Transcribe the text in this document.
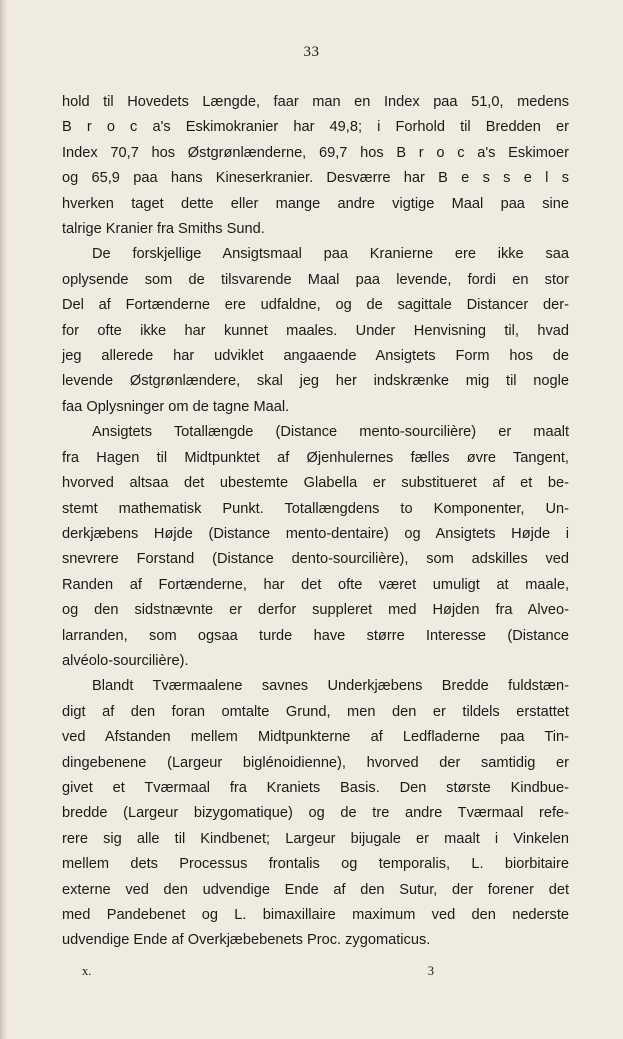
33
hold til Hovedets Længde, faar man en Index paa 51,0, medens
B r o c a's Eskimokranier har 49,8; i Forhold til Bredden er
Index 70,7 hos Østgrønlænderne, 69,7 hos B r o c a's Eskimoer
og 65,9 paa hans Kineserkranier. Desværre har B e s s e l s
hverken taget dette eller mange andre vigtige Maal paa sine
talrige Kranier fra Smiths Sund.
De forskjellige Ansigtsmaal paa Kranierne ere ikke saa
oplysende som de tilsvarende Maal paa levende, fordi en stor
Del af Fortænderne ere udfaldne, og de sagittale Distancer der-
for ofte ikke har kunnet maales. Under Henvisning til, hvad
jeg allerede har udviklet angaaende Ansigtets Form hos de
levende Østgrønlændere, skal jeg her indskrænke mig til nogle
faa Oplysninger om de tagne Maal.
Ansigtets Totallængde (Distance mento-sourcilière) er maalt
fra Hagen til Midtpunktet af Øjenhulernes fælles øvre Tangent,
hvorved altsaa det ubestemte Glabella er substitueret af et be-
stemt mathematisk Punkt. Totallængdens to Komponenter, Un-
derkjæbens Højde (Distance mento-dentaire) og Ansigtets Højde i
snevrere Forstand (Distance dento-sourcilière), som adskilles ved
Randen af Fortænderne, har det ofte været umuligt at maale,
og den sidstnævnte er derfor suppleret med Højden fra Alveo-
larranden, som ogsaa turde have større Interesse (Distance
alvéolo-sourcilière).
Blandt Tværmaalene savnes Underkjæbens Bredde fuldstæn-
digt af den foran omtalte Grund, men den er tildels erstattet
ved Afstanden mellem Midtpunkterne af Ledfladerne paa Tin-
dingebenene (Largeur biglénoidienne), hvorved der samtidig er
givet et Tværmaal fra Kraniets Basis. Den største Kindbue-
bredde (Largeur bizygomatique) og de tre andre Tværmaal refe-
rere sig alle til Kindbenet; Largeur bijugale er maalt i Vinkelen
mellem dets Processus frontalis og temporalis, L. biorbitaire
externe ved den udvendige Ende af den Sutur, der forener det
med Pandebenet og L. bimaxillaire maximum ved den nederste
udvendige Ende af Overkjæbebenets Proc. zygomaticus.
x.	3
